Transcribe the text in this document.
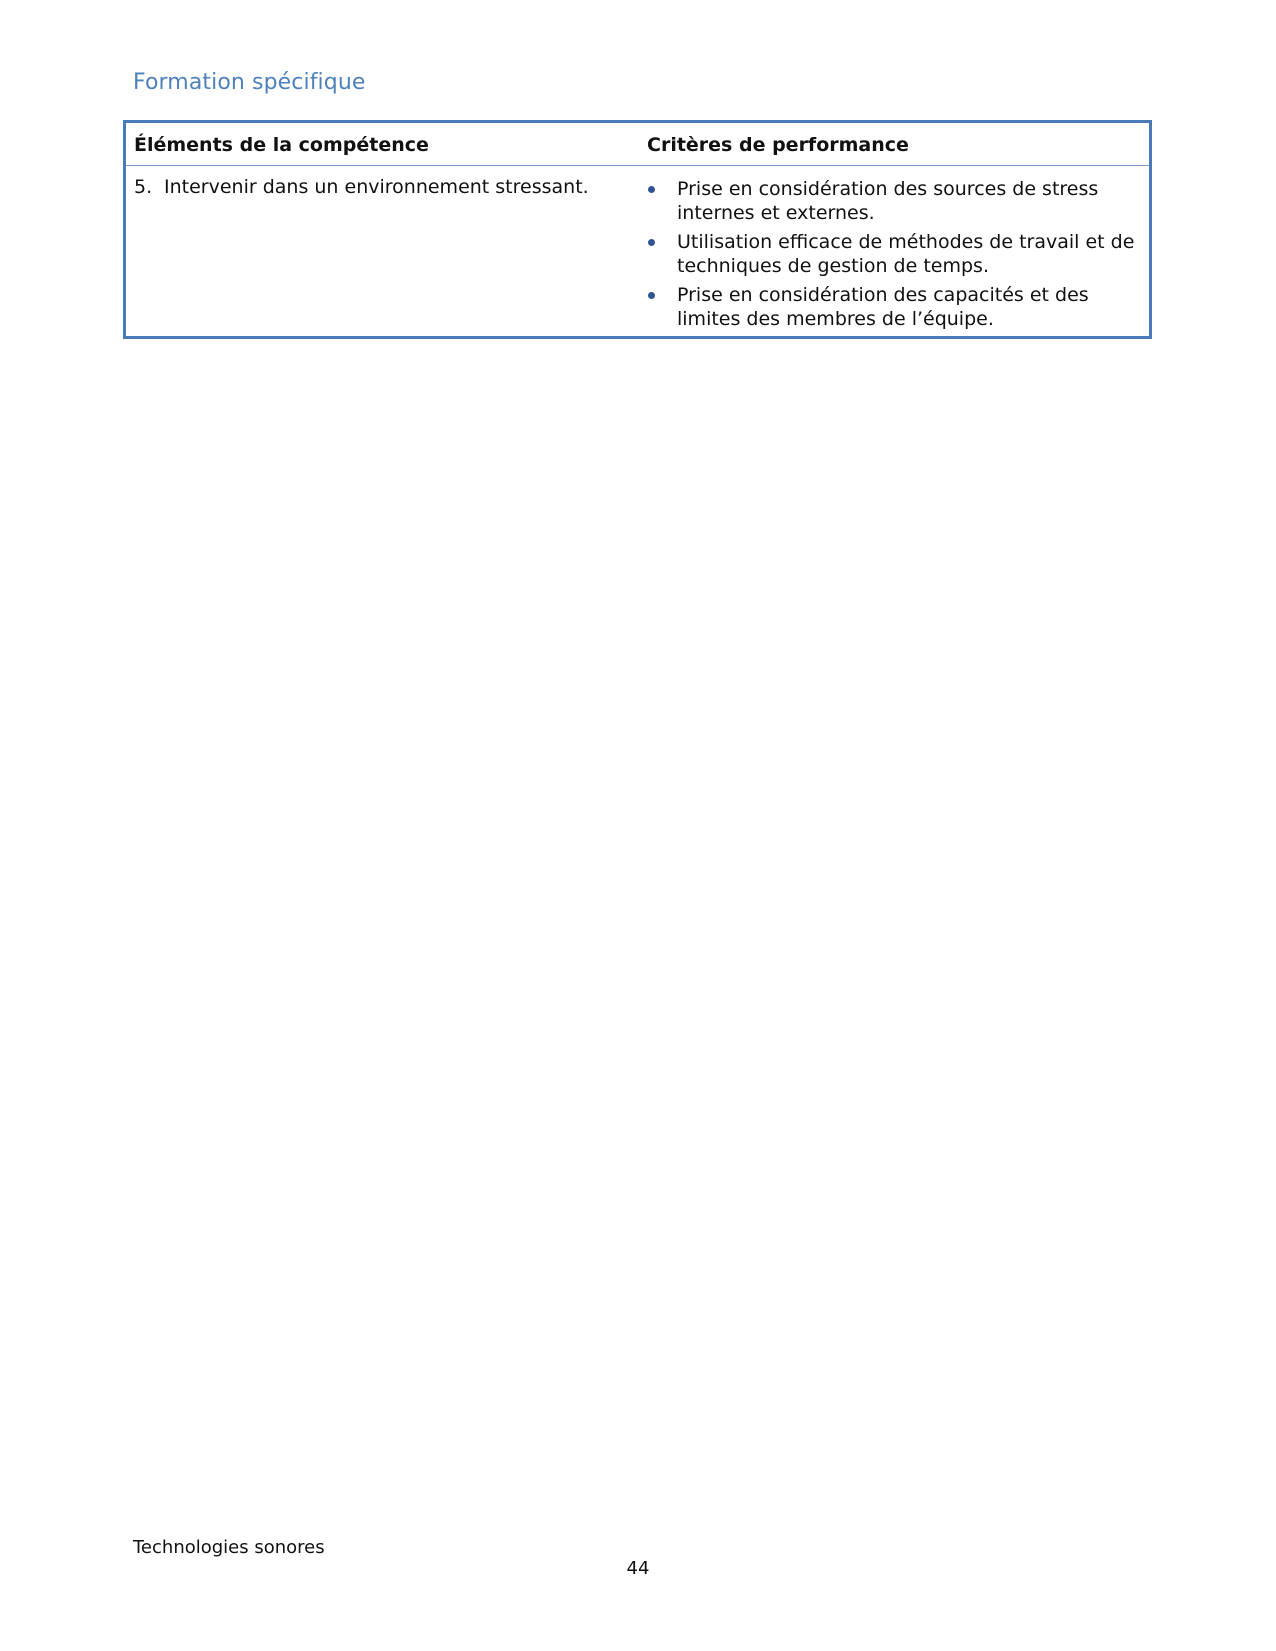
Formation spécifique
Éléments de la compétence	Critères de performance
5. Intervenir dans un environnement stressant.	Prise en considération des sources de stress internes et externes.
Utilisation efficace de méthodes de travail et de techniques de gestion de temps.
Prise en considération des capacités et des limites des membres de l’équipe.
Technologies sonores
44
